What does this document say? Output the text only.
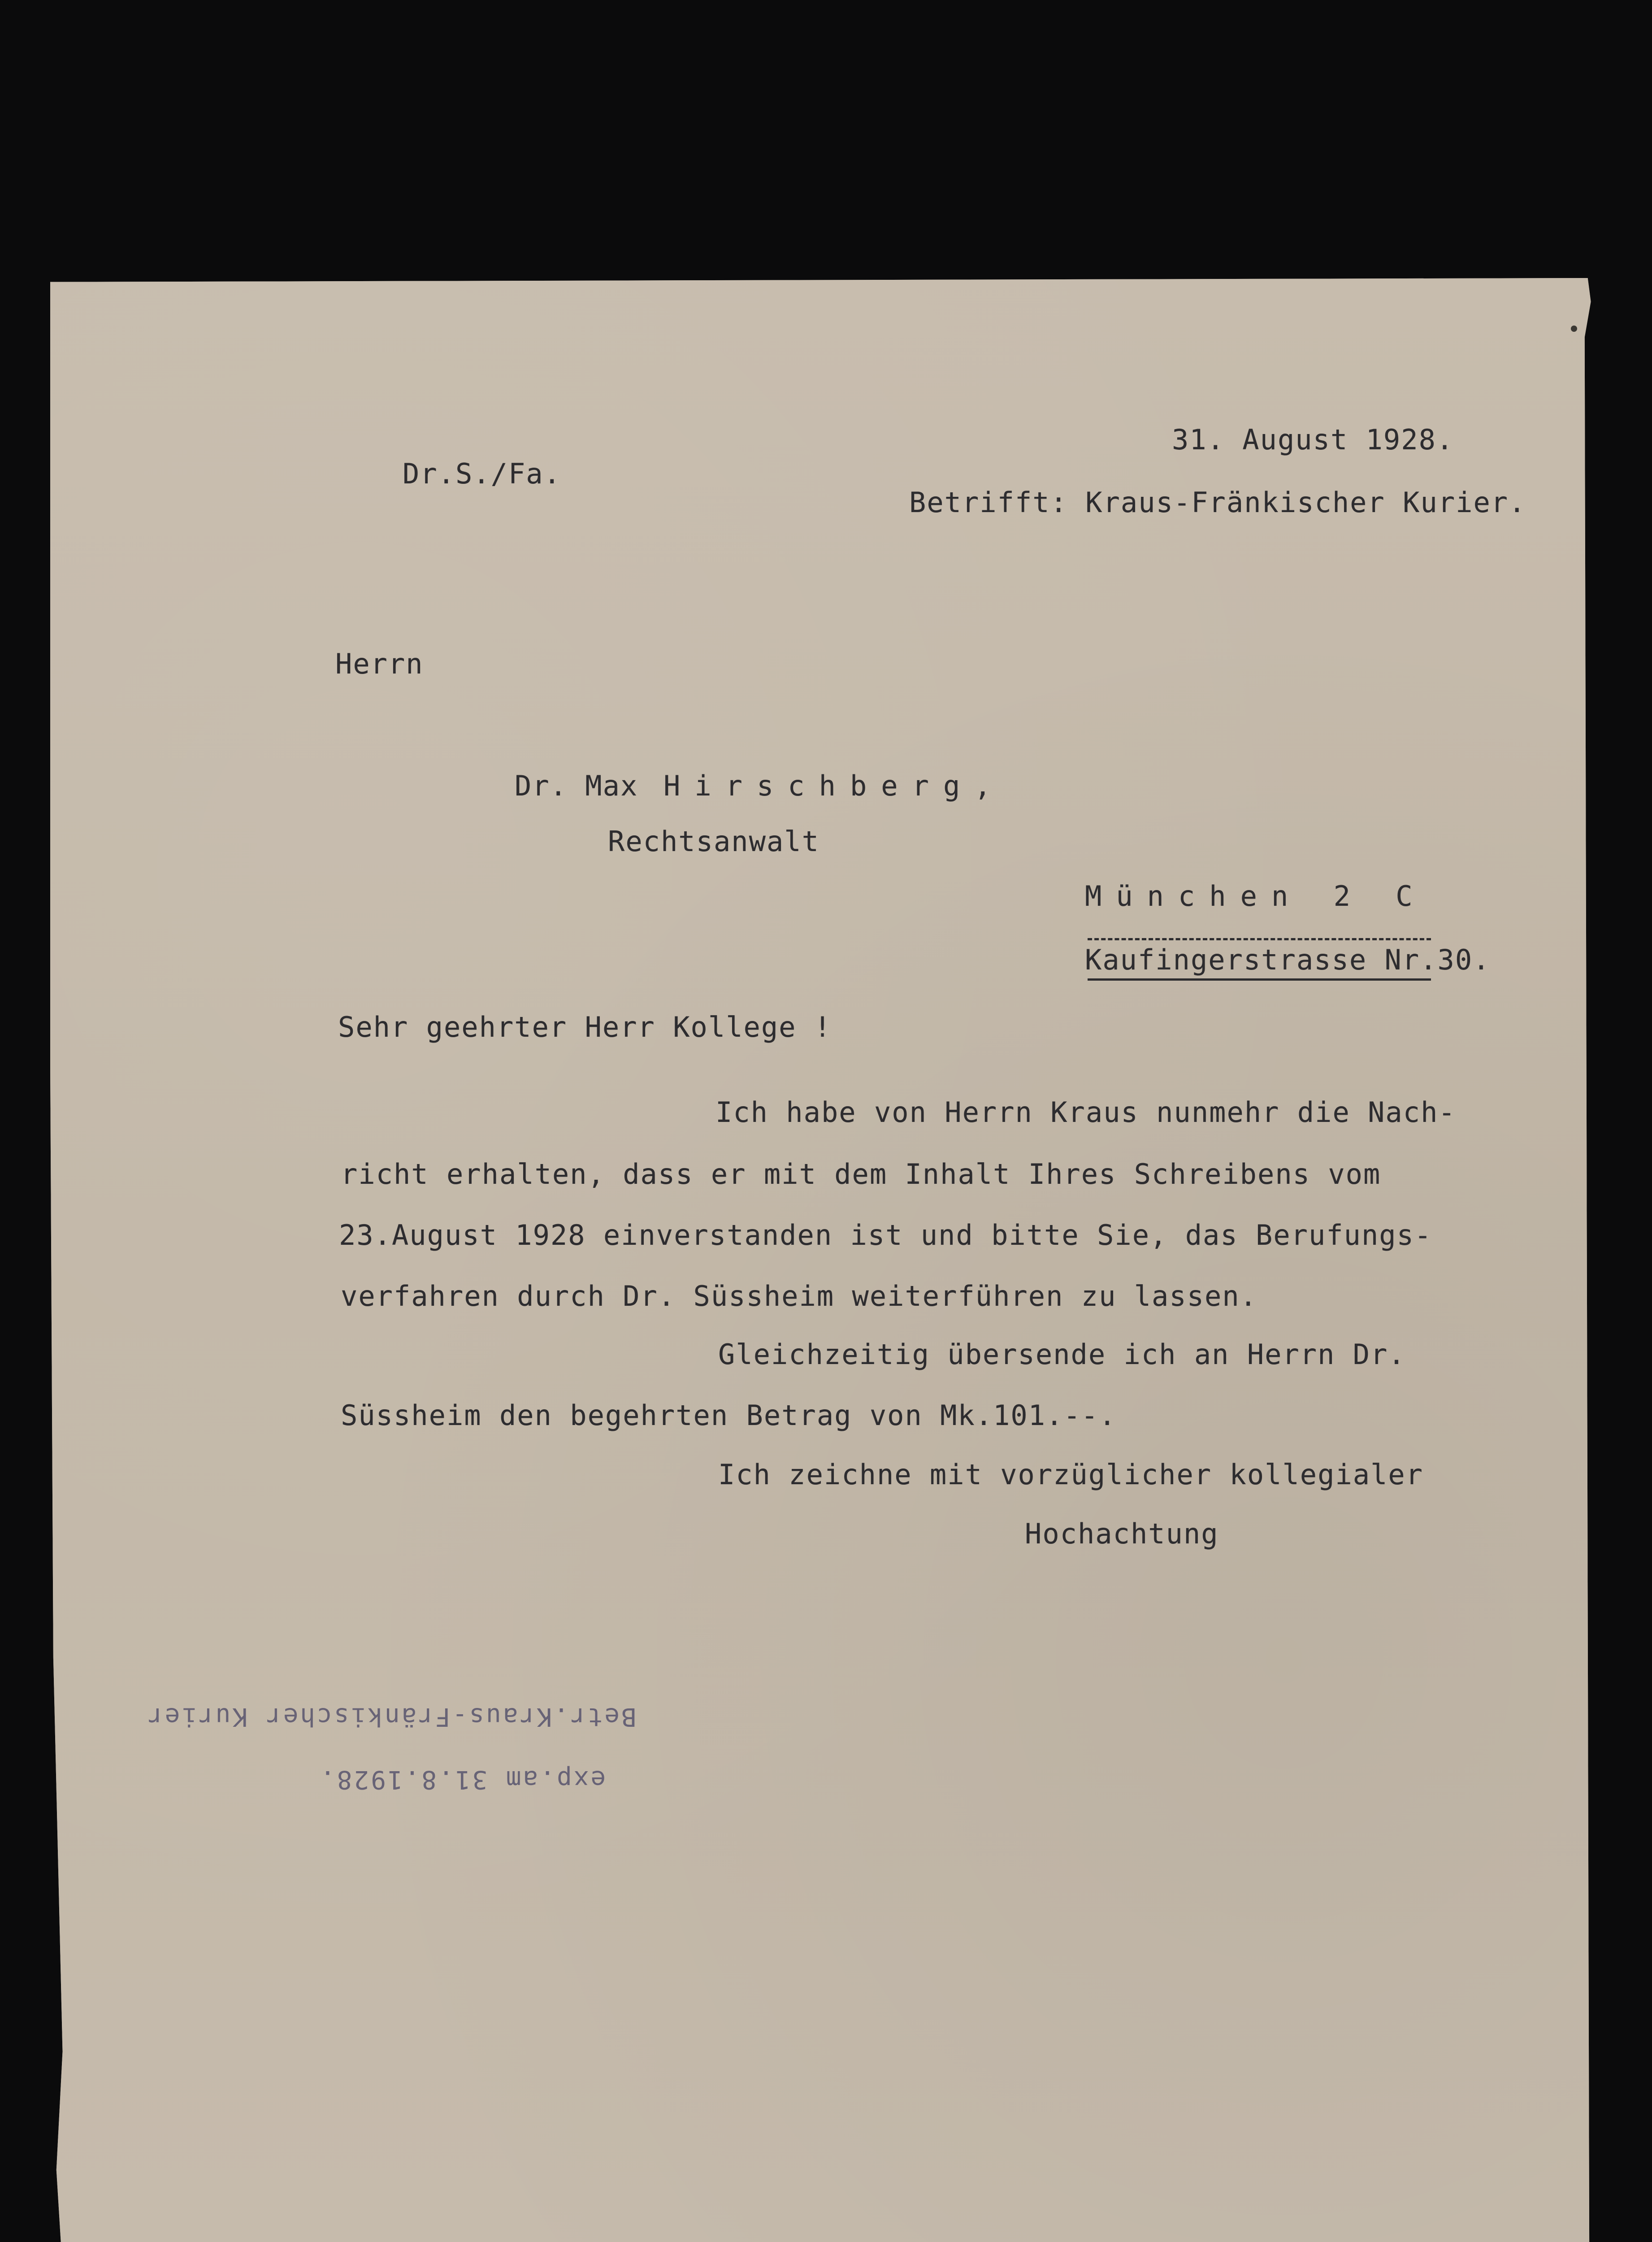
31. August 1928.
Dr.S./Fa.
Betrifft: Kraus-Fränkischer Kurier.
Herrn
Dr. Max Hirschberg,
Rechtsanwalt
München 2 C
Kaufingerstrasse Nr.30.
Sehr geehrter Herr Kollege !
Ich habe von Herrn Kraus nunmehr die Nach-
richt erhalten, dass er mit dem Inhalt Ihres Schreibens vom
23.August 1928 einverstanden ist und bitte Sie, das Berufungs-
verfahren durch Dr. Süssheim weiterführen zu lassen.
Gleichzeitig übersende ich an Herrn Dr.
Süssheim den begehrten Betrag von Mk.101.--.
Ich zeichne mit vorzüglicher kollegialer
Hochachtung
Betr.Kraus-Fränkischer Kurier
exp.am 31.8.1928.
